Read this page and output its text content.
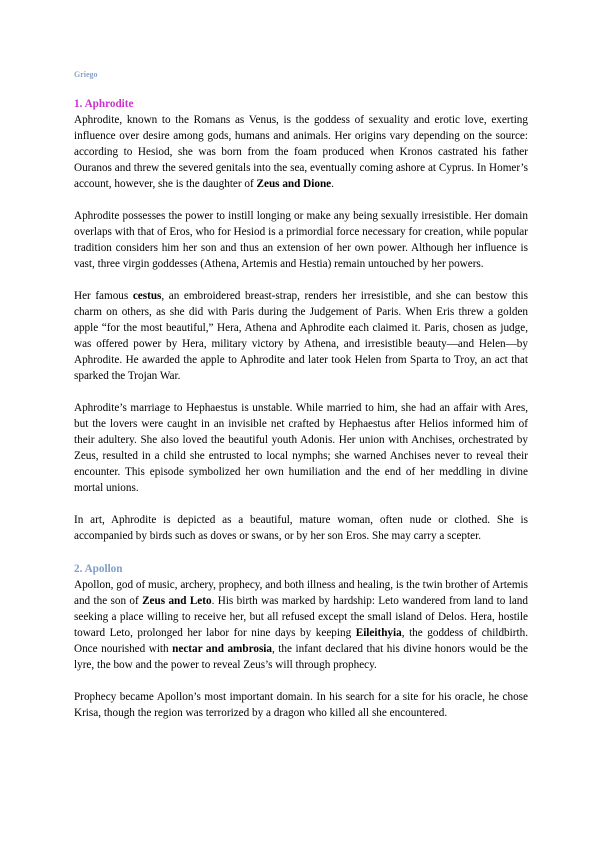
Griego
1. Aphrodite

Aphrodite, known to the Romans as Venus, is the goddess of sexuality and erotic love, exerting influence over desire among gods, humans and animals. Her origins vary depending on the source: according to Hesiod, she was born from the foam produced when Kronos castrated his father Ouranos and threw the severed genitals into the sea, eventually coming ashore at Cyprus. In Homer’s account, however, she is the daughter of Zeus and Dione.

Aphrodite possesses the power to instill longing or make any being sexually irresistible. Her domain overlaps with that of Eros, who for Hesiod is a primordial force necessary for creation, while popular tradition considers him her son and thus an extension of her own power. Although her influence is vast, three virgin goddesses (Athena, Artemis and Hestia) remain untouched by her powers.

Her famous cestus, an embroidered breast-strap, renders her irresistible, and she can bestow this charm on others, as she did with Paris during the Judgement of Paris. When Eris threw a golden apple “for the most beautiful,” Hera, Athena and Aphrodite each claimed it. Paris, chosen as judge, was offered power by Hera, military victory by Athena, and irresistible beauty—and Helen—by Aphrodite. He awarded the apple to Aphrodite and later took Helen from Sparta to Troy, an act that sparked the Trojan War.

Aphrodite’s marriage to Hephaestus is unstable. While married to him, she had an affair with Ares, but the lovers were caught in an invisible net crafted by Hephaestus after Helios informed him of their adultery. She also loved the beautiful youth Adonis. Her union with Anchises, orchestrated by Zeus, resulted in a child she entrusted to local nymphs; she warned Anchises never to reveal their encounter. This episode symbolized her own humiliation and the end of her meddling in divine mortal unions.

In art, Aphrodite is depicted as a beautiful, mature woman, often nude or clothed. She is accompanied by birds such as doves or swans, or by her son Eros. She may carry a scepter.

2. Apollon

Apollon, god of music, archery, prophecy, and both illness and healing, is the twin brother of Artemis and the son of Zeus and Leto. His birth was marked by hardship: Leto wandered from land to land seeking a place willing to receive her, but all refused except the small island of Delos. Hera, hostile toward Leto, prolonged her labor for nine days by keeping Eileithyia, the goddess of childbirth. Once nourished with nectar and ambrosia, the infant declared that his divine honors would be the lyre, the bow and the power to reveal Zeus’s will through prophecy.

Prophecy became Apollon’s most important domain. In his search for a site for his oracle, he chose Krisa, though the region was terrorized by a dragon who killed all she encountered.
